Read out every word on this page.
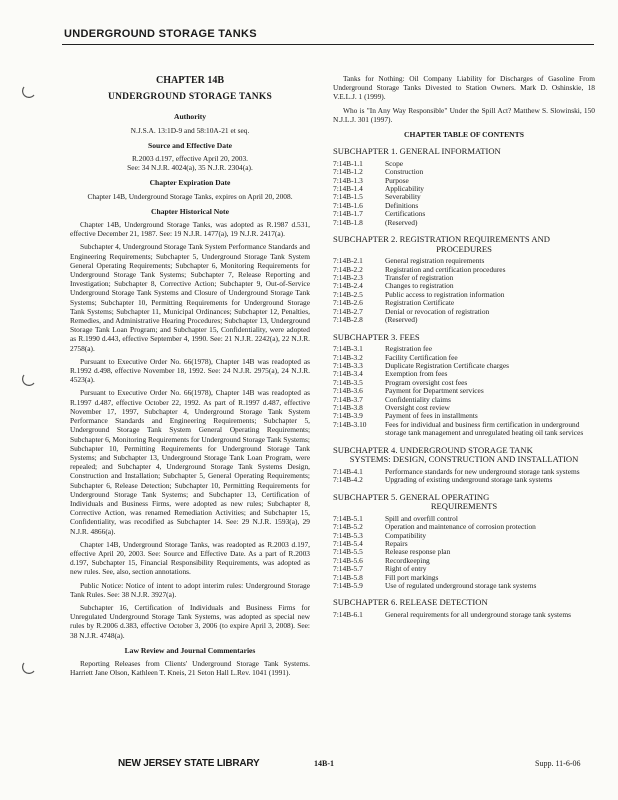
UNDERGROUND STORAGE TANKS
CHAPTER 14B
UNDERGROUND STORAGE TANKS
Authority
N.J.S.A. 13:1D-9 and 58:10A-21 et seq.
Source and Effective Date
R.2003 d.197, effective April 20, 2003.
See: 34 N.J.R. 4024(a), 35 N.J.R. 2304(a).
Chapter Expiration Date
Chapter 14B, Underground Storage Tanks, expires on April 20, 2008.
Chapter Historical Note

Chapter 14B, Underground Storage Tanks, was adopted as R.1987 d.531, effective December 21, 1987. See: 19 N.J.R. 1477(a), 19 N.J.R. 2417(a).

Subchapter 4, Underground Storage Tank System Performance Standards and Engineering Requirements; Subchapter 5, Underground Storage Tank System General Operating Requirements; Subchapter 6, Monitoring Requirements for Underground Storage Tank Systems; Subchapter 7, Release Reporting and Investigation; Subchapter 8, Corrective Action; Subchapter 9, Out-of-Service Underground Storage Tank Systems and Closure of Underground Storage Tank Systems; Subchapter 10, Permitting Requirements for Underground Storage Tank Systems; Subchapter 11, Municipal Ordinances; Subchapter 12, Penalties, Remedies, and Administrative Hearing Procedures; Subchapter 13, Underground Storage Tank Loan Program; and Subchapter 15, Confidentiality, were adopted as R.1990 d.443, effective September 4, 1990. See: 21 N.J.R. 2242(a), 22 N.J.R. 2758(a).

Pursuant to Executive Order No. 66(1978), Chapter 14B was readopted as R.1992 d.498, effective November 18, 1992. See: 24 N.J.R. 2975(a), 24 N.J.R. 4523(a).

Pursuant to Executive Order No. 66(1978), Chapter 14B was readopted as R.1997 d.487, effective October 22, 1992. As part of R.1997 d.487, effective November 17, 1997, Subchapter 4, Underground Storage Tank System Performance Standards and Engineering Requirements; Subchapter 5, Underground Storage Tank System General Operating Requirements; Subchapter 6, Monitoring Requirements for Underground Storage Tank Systems; Subchapter 10, Permitting Requirements for Underground Storage Tank Systems; and Subchapter 13, Underground Storage Tank Loan Program, were repealed; and Subchapter 4, Underground Storage Tank Systems Design, Construction and Installation; Subchapter 5, General Operating Requirements; Subchapter 6, Release Detection; Subchapter 10, Permitting Requirements for Underground Storage Tank Systems; and Subchapter 13, Certification of Individuals and Business Firms, were adopted as new rules; Subchapter 8, Corrective Action, was renamed Remediation Activities; and Subchapter 15, Confidentiality, was recodified as Subchapter 14. See: 29 N.J.R. 1593(a), 29 N.J.R. 4866(a).

Chapter 14B, Underground Storage Tanks, was readopted as R.2003 d.197, effective April 20, 2003. See: Source and Effective Date. As a part of R.2003 d.197, Subchapter 15, Financial Responsibility Requirements, was adopted as new rules. See, also, section annotations.

Public Notice: Notice of intent to adopt interim rules: Underground Storage Tank Rules. See: 38 N.J.R. 3927(a).

Subchapter 16, Certification of Individuals and Business Firms for Unregulated Underground Storage Tank Systems, was adopted as special new rules by R.2006 d.383, effective October 3, 2006 (to expire April 3, 2008). See: 38 N.J.R. 4748(a).

Law Review and Journal Commentaries

Reporting Releases from Clients' Underground Storage Tank Systems. Harriett Jane Olson, Kathleen T. Kneis, 21 Seton Hall L.Rev. 1041 (1991).

Tanks for Nothing: Oil Company Liability for Discharges of Gasoline From Underground Storage Tanks Divested to Station Owners. Mark D. Oshinskie, 18 V.E.L.J. 1 (1999).

Who is "In Any Way Responsible" Under the Spill Act? Matthew S. Slowinski, 150 N.J.L.J. 301 (1997).

CHAPTER TABLE OF CONTENTS
SUBCHAPTER 1. GENERAL INFORMATION
7:14B-1.1	Scope
7:14B-1.2	Construction
7:14B-1.3	Purpose
7:14B-1.4	Applicability
7:14B-1.5	Severability
7:14B-1.6	Definitions
7:14B-1.7	Certifications
7:14B-1.8	(Reserved)
SUBCHAPTER 2. REGISTRATION REQUIREMENTS AND
PROCEDURES
7:14B-2.1	General registration requirements
7:14B-2.2	Registration and certification procedures
7:14B-2.3	Transfer of registration
7:14B-2.4	Changes to registration
7:14B-2.5	Public access to registration information
7:14B-2.6	Registration Certificate
7:14B-2.7	Denial or revocation of registration
7:14B-2.8	(Reserved)
SUBCHAPTER 3. FEES
7:14B-3.1	Registration fee
7:14B-3.2	Facility Certification fee
7:14B-3.3	Duplicate Registration Certificate charges
7:14B-3.4	Exemption from fees
7:14B-3.5	Program oversight cost fees
7:14B-3.6	Payment for Department services
7:14B-3.7	Confidentiality claims
7:14B-3.8	Oversight cost review
7:14B-3.9	Payment of fees in installments
7:14B-3.10	Fees for individual and business firm certification in underground storage tank management and unregulated heating oil tank services
SUBCHAPTER 4. UNDERGROUND STORAGE TANK
SYSTEMS: DESIGN, CONSTRUCTION AND INSTALLATION
7:14B-4.1	Performance standards for new underground storage tank systems
7:14B-4.2	Upgrading of existing underground storage tank systems
SUBCHAPTER 5. GENERAL OPERATING
REQUIREMENTS
7:14B-5.1	Spill and overfill control
7:14B-5.2	Operation and maintenance of corrosion protection
7:14B-5.3	Compatibility
7:14B-5.4	Repairs
7:14B-5.5	Release response plan
7:14B-5.6	Recordkeeping
7:14B-5.7	Right of entry
7:14B-5.8	Fill port markings
7:14B-5.9	Use of regulated underground storage tank systems
SUBCHAPTER 6. RELEASE DETECTION
7:14B-6.1	General requirements for all underground storage tank systems
NEW JERSEY STATE LIBRARY	14B-1	Supp. 11-6-06
